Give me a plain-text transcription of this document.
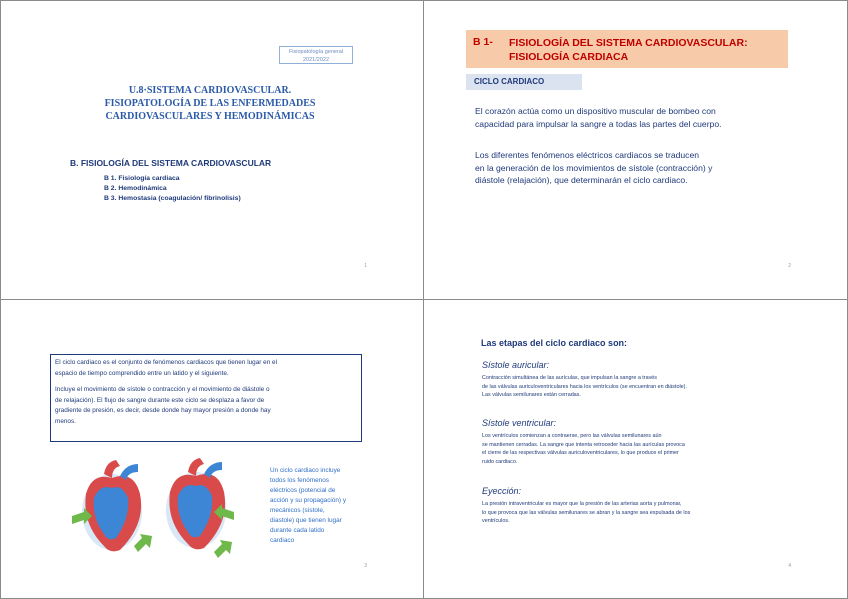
Fisiopatología general
2021/2022
U.8·SISTEMA CARDIOVASCULAR.
FISIOPATOLOGÍA DE LAS ENFERMEDADES
CARDIOVASCULARES Y HEMODINÁMICAS
B. FISIOLOGÍA DEL SISTEMA CARDIOVASCULAR
B 1. Fisiología cardiaca
B 2. Hemodinámica
B 3. Hemostasia (coagulación/ fibrinolisis)
1
B 1- FISIOLOGÍA DEL SISTEMA CARDIOVASCULAR:
FISIOLOGÍA CARDIACA
CICLO CARDIACO
El corazón actúa como un dispositivo muscular de bombeo con
capacidad para impulsar la sangre a todas las partes del cuerpo.
Los diferentes fenómenos eléctricos cardiacos se traducen
en la generación de los movimientos de sístole (contracción) y
diástole (relajación), que determinarán el ciclo cardiaco.
2
El ciclo cardiaco es el conjunto de fenómenos cardiacos que tienen lugar en el
espacio de tiempo comprendido entre un latido y el siguiente.
Incluye el movimiento de sístole o contracción y el movimiento de diástole o
de relajación). El flujo de sangre durante este ciclo se desplaza a favor de
gradiente de presión, es decir, desde donde hay mayor presión a donde hay
menos.
Un ciclo cardiaco incluye
todos los fenómenos
eléctricos (potencial de
acción y su propagación) y
mecánicos (sístole,
diastole) que tienen lugar
durante cada latido
cardiaco
3
Las etapas del ciclo cardiaco son:
Sístole auricular:
Contracción simultánea de las aurículas, que impulsan la sangre a través
de las válvulas auriculoventriculares hacia los ventrículos (se encuentran en diástole).
Las válvulas semilunares están cerradas.
Sístole ventricular:
Los ventrículos comienzan a contraerse, pero las válvulas semilunares aún
se mantienen cerradas. La sangre que intenta retroceder hacia las aurículas provoca
el cierre de las respectivas válvulas auriculoventriculares, lo que produce el primer
ruido cardiaco.
Eyección:
La presión intraventricular es mayor que la presión de las arterias aorta y pulmonar,
lo que provoca que las válvulas semilunares se abran y la sangre sea expulsada de los
ventrículos.
4
